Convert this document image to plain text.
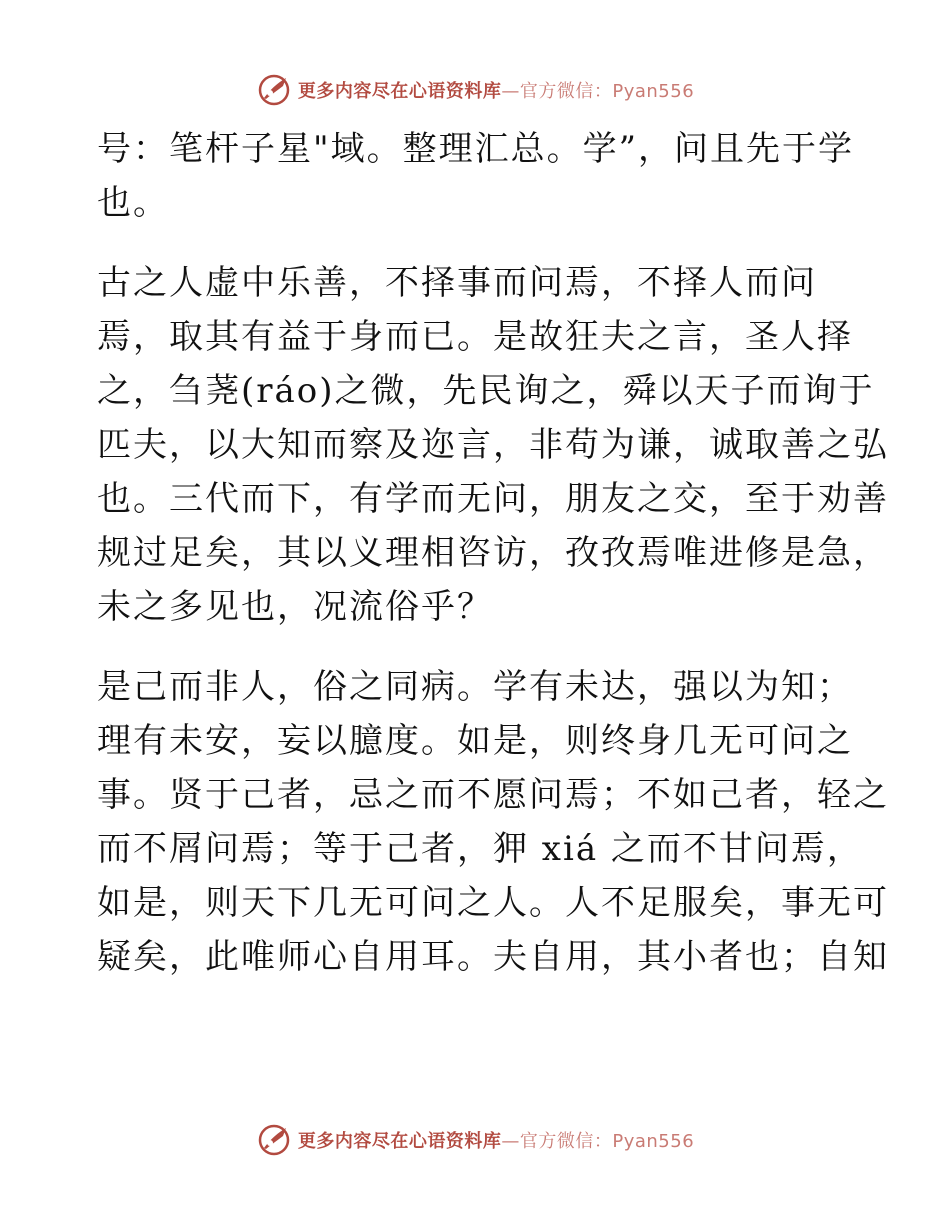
更多内容尽在心语资料库—官方微信：Pyan556
号：笔杆子星"域。整理汇总。学”，问且先于学
也。
古之人虚中乐善，不择事而问焉，不择人而问
焉，取其有益于身而已。是故狂夫之言，圣人择
之，刍荛(ráo)之微，先民询之，舜以天子而询于
匹夫，以大知而察及迩言，非苟为谦，诚取善之弘
也。三代而下，有学而无问，朋友之交，至于劝善
规过足矣，其以义理相咨访，孜孜焉唯进修是急，
未之多见也，况流俗乎？
是己而非人，俗之同病。学有未达，强以为知；
理有未安，妄以臆度。如是，则终身几无可问之
事。贤于己者，忌之而不愿问焉；不如己者，轻之
而不屑问焉；等于己者，狎 xiá 之而不甘问焉，
如是，则天下几无可问之人。人不足服矣，事无可
疑矣，此唯师心自用耳。夫自用，其小者也；自知
更多内容尽在心语资料库—官方微信：Pyan556
